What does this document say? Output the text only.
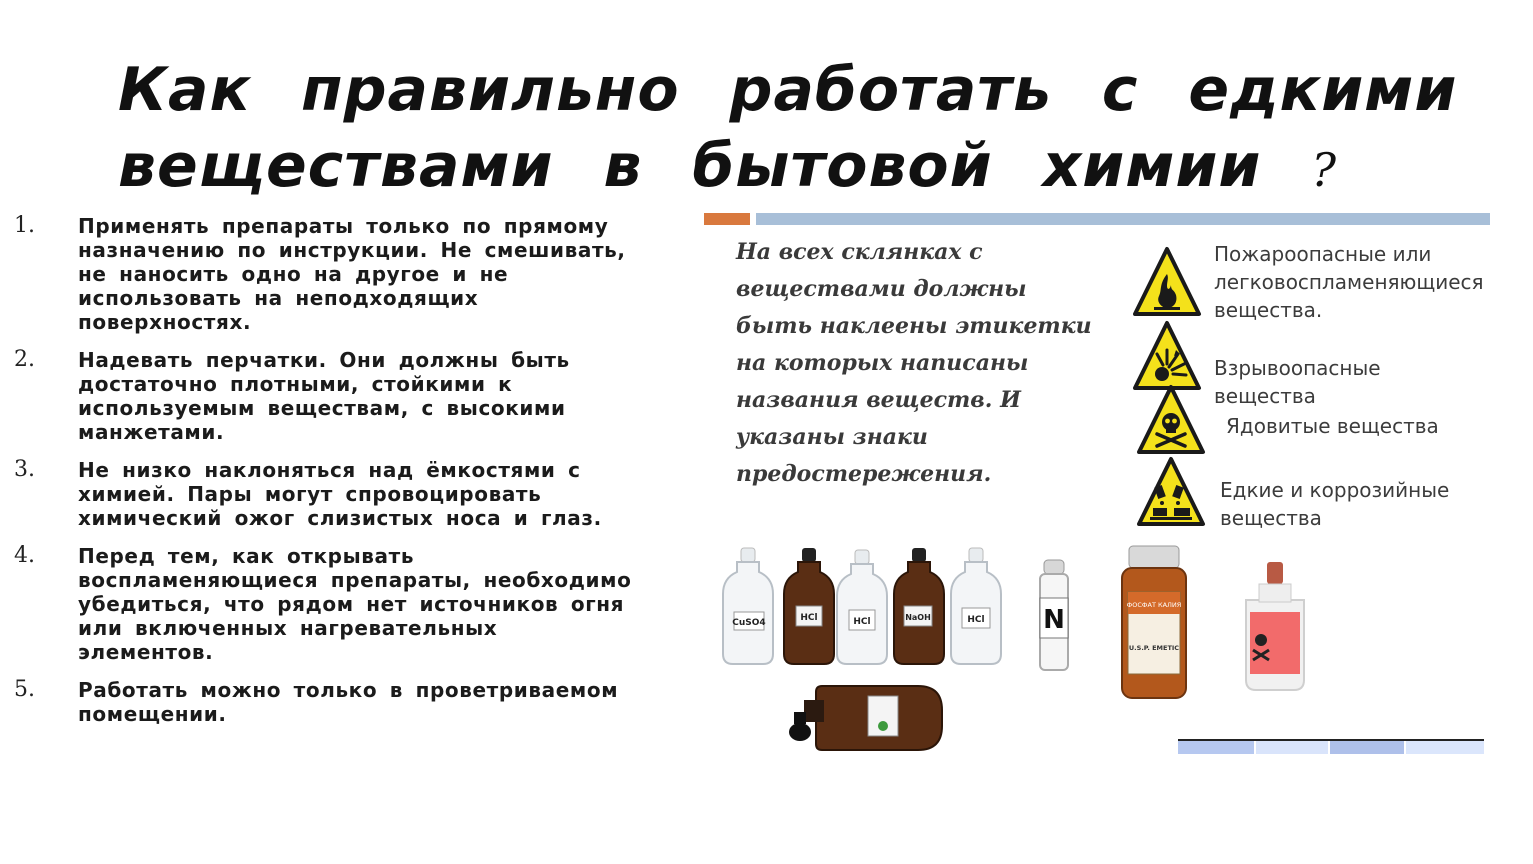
Как правильно работать с едкими
веществами в бытовой химии ?
1. Применять препараты только по прямому назначению по инструкции. Не смешивать, не наносить одно на другое и не использовать на неподходящих поверхностях.
2. Надевать перчатки. Они должны быть достаточно плотными, стойкими к используемым веществам, с высокими манжетами.
3. Не низко наклоняться над ёмкостями с химией. Пары могут спровоцировать химический ожог слизистых носа и глаз.
4. Перед тем, как открывать воспламеняющиеся препараты, необходимо убедиться, что рядом нет источников огня или включенных нагревательных элементов.
5. Работать можно только в проветриваемом помещении.
На всех склянках с веществами должны быть наклеены этикетки на которых написаны названия веществ. И указаны знаки предостережения.
Пожароопасные или легковоспламеняющиеся вещества.
Взрывоопасные вещества
Ядовитые вещества
Едкие и коррозийные вещества
CuSO4	HCl	HCl	NaOH	HCl N	ФОСФАТ КАЛИЯ
U.S.P. EMETIC
